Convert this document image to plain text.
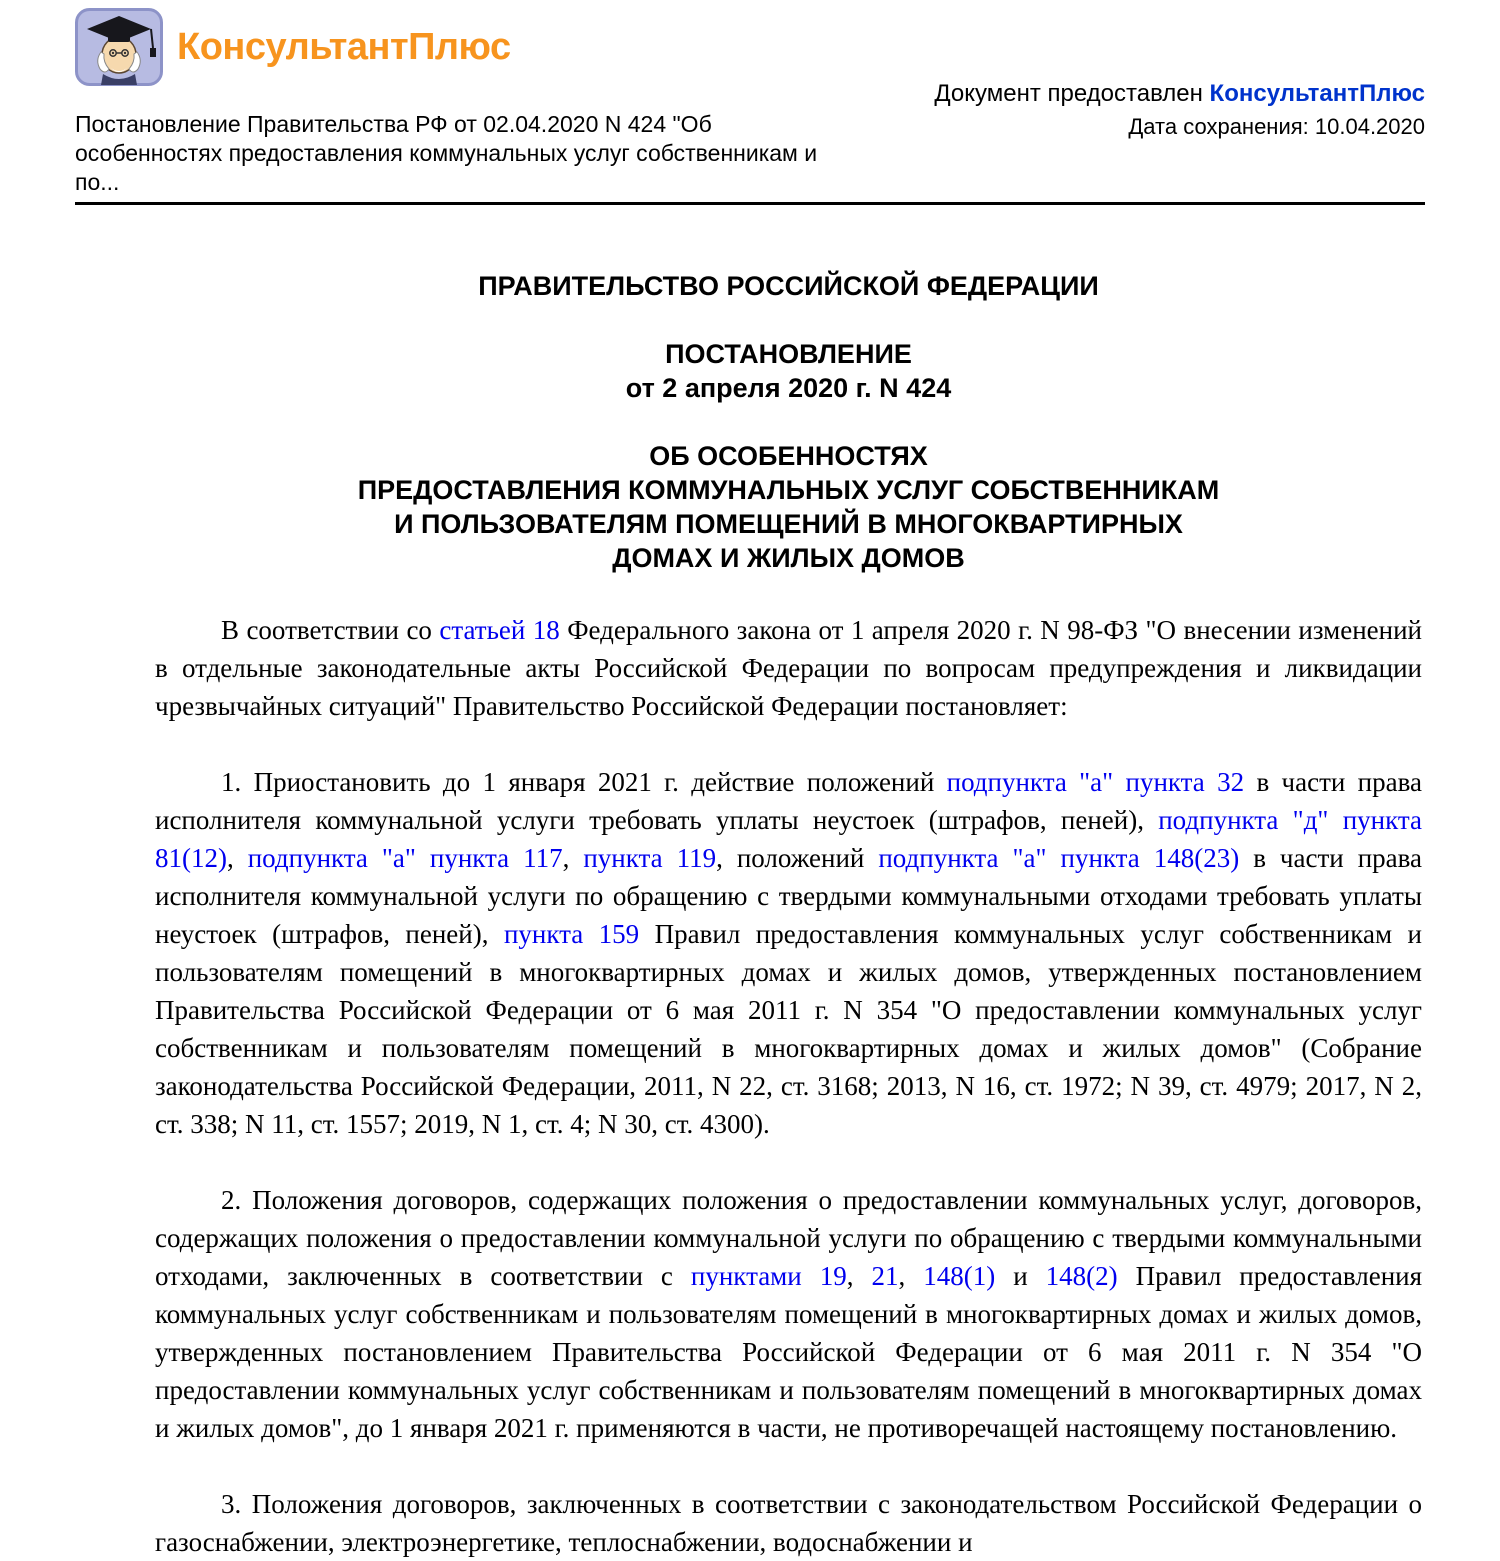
КонсультантПлюс
Документ предоставлен КонсультантПлюс
Дата сохранения: 10.04.2020
Постановление Правительства РФ от 02.04.2020 N 424 "Об особенностях предоставления коммунальных услуг собственникам и по...
ПРАВИТЕЛЬСТВО РОССИЙСКОЙ ФЕДЕРАЦИИ
ПОСТАНОВЛЕНИЕ
от 2 апреля 2020 г. N 424
ОБ ОСОБЕННОСТЯХ
ПРЕДОСТАВЛЕНИЯ КОММУНАЛЬНЫХ УСЛУГ СОБСТВЕННИКАМ
И ПОЛЬЗОВАТЕЛЯМ ПОМЕЩЕНИЙ В МНОГОКВАРТИРНЫХ
ДОМАХ И ЖИЛЫХ ДОМОВ

В соответствии со статьей 18 Федерального закона от 1 апреля 2020 г. N 98-ФЗ "О внесении изменений в отдельные законодательные акты Российской Федерации по вопросам предупреждения и ликвидации чрезвычайных ситуаций" Правительство Российской Федерации постановляет:

1. Приостановить до 1 января 2021 г. действие положений подпункта "а" пункта 32 в части права исполнителя коммунальной услуги требовать уплаты неустоек (штрафов, пеней), подпункта "д" пункта 81(12), подпункта "а" пункта 117, пункта 119, положений подпункта "а" пункта 148(23) в части права исполнителя коммунальной услуги по обращению с твердыми коммунальными отходами требовать уплаты неустоек (штрафов, пеней), пункта 159 Правил предоставления коммунальных услуг собственникам и пользователям помещений в многоквартирных домах и жилых домов, утвержденных постановлением Правительства Российской Федерации от 6 мая 2011 г. N 354 "О предоставлении коммунальных услуг собственникам и пользователям помещений в многоквартирных домах и жилых домов" (Собрание законодательства Российской Федерации, 2011, N 22, ст. 3168; 2013, N 16, ст. 1972; N 39, ст. 4979; 2017, N 2, ст. 338; N 11, ст. 1557; 2019, N 1, ст. 4; N 30, ст. 4300).

2. Положения договоров, содержащих положения о предоставлении коммунальных услуг, договоров, содержащих положения о предоставлении коммунальной услуги по обращению с твердыми коммунальными отходами, заключенных в соответствии с пунктами 19, 21, 148(1) и 148(2) Правил предоставления коммунальных услуг собственникам и пользователям помещений в многоквартирных домах и жилых домов, утвержденных постановлением Правительства Российской Федерации от 6 мая 2011 г. N 354 "О предоставлении коммунальных услуг собственникам и пользователям помещений в многоквартирных домах и жилых домов", до 1 января 2021 г. применяются в части, не противоречащей настоящему постановлению.

3. Положения договоров, заключенных в соответствии с законодательством Российской Федерации о газоснабжении, электроэнергетике, теплоснабжении, водоснабжении и
